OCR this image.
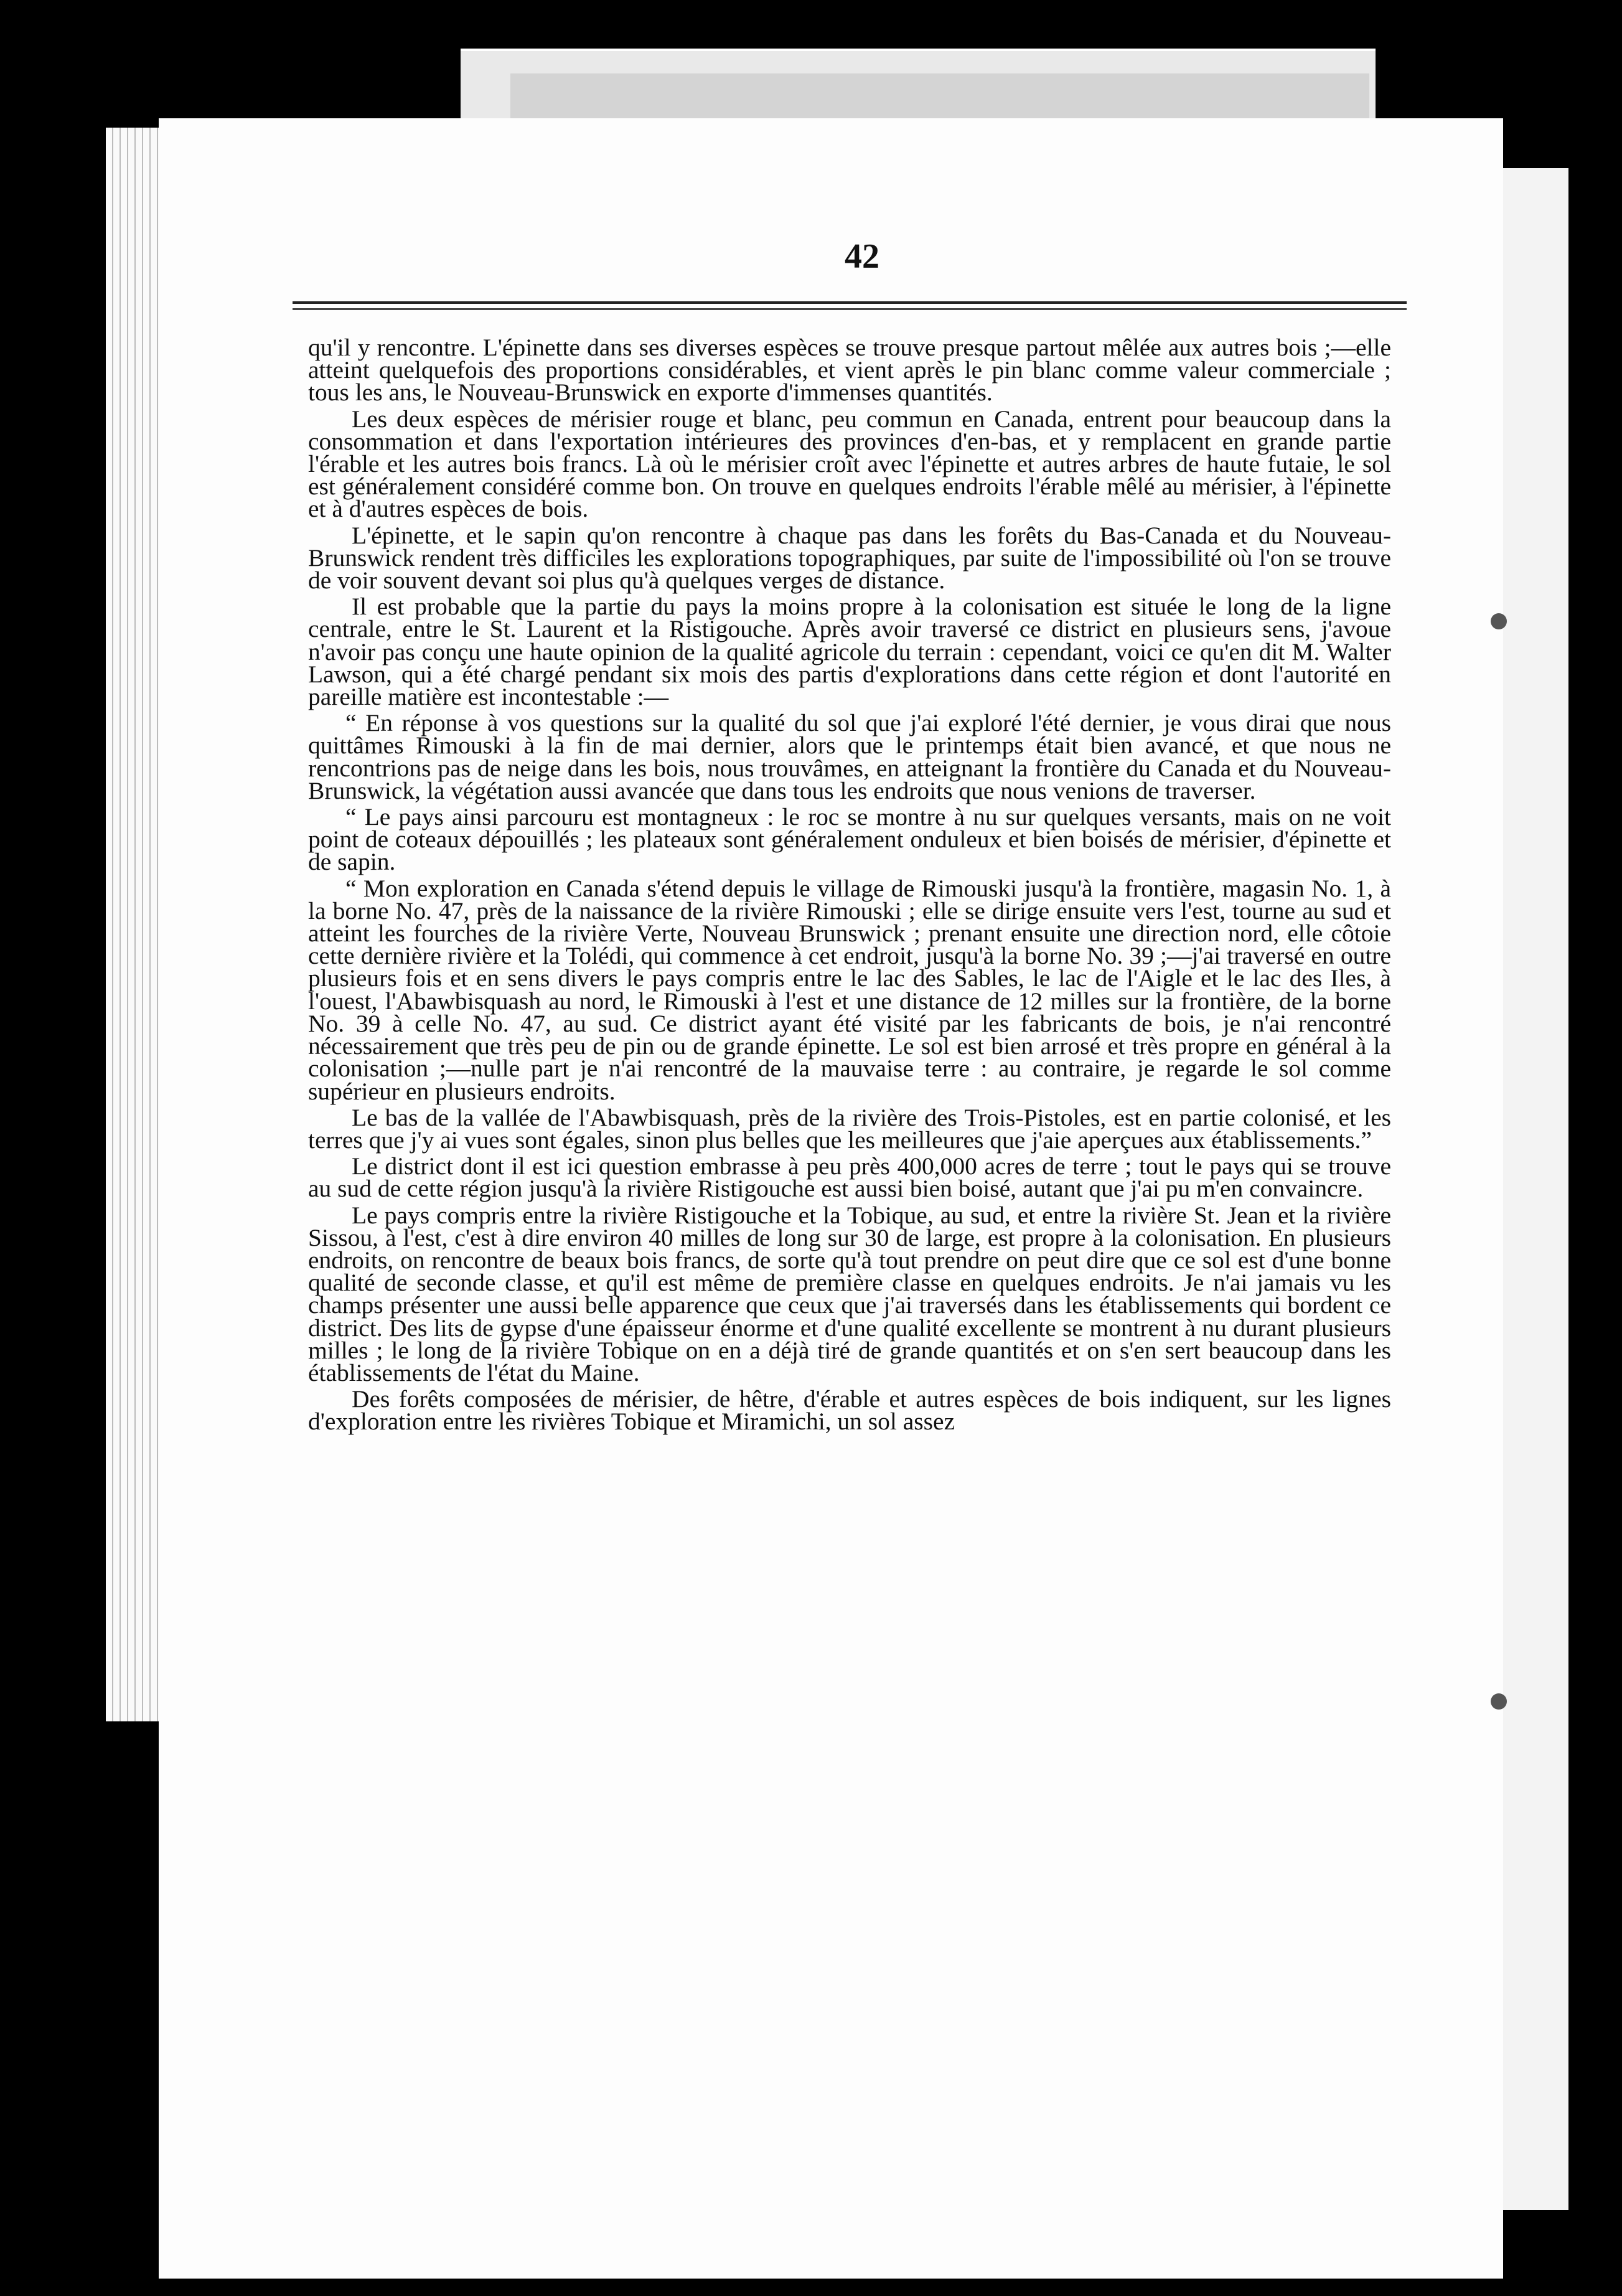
42

qu'il y rencontre. L'épinette dans ses diverses espèces se trouve presque partout mêlée aux autres bois ;—elle atteint quelquefois des proportions considérables, et vient après le pin blanc comme valeur commerciale ; tous les ans, le Nouveau-Brunswick en exporte d'immenses quantités.

Les deux espèces de mérisier rouge et blanc, peu commun en Canada, entrent pour beaucoup dans la consommation et dans l'exportation intérieures des provinces d'en-bas, et y remplacent en grande partie l'érable et les autres bois francs. Là où le mérisier croît avec l'épinette et autres arbres de haute futaie, le sol est généralement considéré comme bon. On trouve en quelques endroits l'érable mêlé au mérisier, à l'épinette et à d'autres espèces de bois.

L'épinette, et le sapin qu'on rencontre à chaque pas dans les forêts du Bas-Canada et du Nouveau-Brunswick rendent très difficiles les explorations topographiques, par suite de l'impossibilité où l'on se trouve de voir souvent devant soi plus qu'à quelques verges de distance.

Il est probable que la partie du pays la moins propre à la colonisation est située le long de la ligne centrale, entre le St. Laurent et la Ristigouche. Après avoir traversé ce district en plusieurs sens, j'avoue n'avoir pas conçu une haute opinion de la qualité agricole du terrain : cependant, voici ce qu'en dit M. Walter Lawson, qui a été chargé pendant six mois des partis d'explorations dans cette région et dont l'autorité en pareille matière est incontestable :—

“ En réponse à vos questions sur la qualité du sol que j'ai exploré l'été dernier, je vous dirai que nous quittâmes Rimouski à la fin de mai dernier, alors que le printemps était bien avancé, et que nous ne rencontrions pas de neige dans les bois, nous trouvâmes, en atteignant la frontière du Canada et du Nouveau-Brunswick, la végétation aussi avancée que dans tous les endroits que nous venions de traverser.

“ Le pays ainsi parcouru est montagneux : le roc se montre à nu sur quelques versants, mais on ne voit point de coteaux dépouillés ; les plateaux sont généralement onduleux et bien boisés de mérisier, d'épinette et de sapin.

“ Mon exploration en Canada s'étend depuis le village de Rimouski jusqu'à la frontière, magasin No. 1, à la borne No. 47, près de la naissance de la rivière Rimouski ; elle se dirige ensuite vers l'est, tourne au sud et atteint les fourches de la rivière Verte, Nouveau Brunswick ; prenant ensuite une direction nord, elle côtoie cette dernière rivière et la Tolédi, qui commence à cet endroit, jusqu'à la borne No. 39 ;—j'ai traversé en outre plusieurs fois et en sens divers le pays compris entre le lac des Sables, le lac de l'Aigle et le lac des Iles, à l'ouest, l'Abawbisquash au nord, le Rimouski à l'est et une distance de 12 milles sur la frontière, de la borne No. 39 à celle No. 47, au sud. Ce district ayant été visité par les fabricants de bois, je n'ai rencontré nécessairement que très peu de pin ou de grande épinette. Le sol est bien arrosé et très propre en général à la colonisation ;—nulle part je n'ai rencontré de la mauvaise terre : au contraire, je regarde le sol comme supérieur en plusieurs endroits.

Le bas de la vallée de l'Abawbisquash, près de la rivière des Trois-Pistoles, est en partie colonisé, et les terres que j'y ai vues sont égales, sinon plus belles que les meilleures que j'aie aperçues aux établissements.”

Le district dont il est ici question embrasse à peu près 400,000 acres de terre ; tout le pays qui se trouve au sud de cette région jusqu'à la rivière Ristigouche est aussi bien boisé, autant que j'ai pu m'en convaincre.

Le pays compris entre la rivière Ristigouche et la Tobique, au sud, et entre la rivière St. Jean et la rivière Sissou, à l'est, c'est à dire environ 40 milles de long sur 30 de large, est propre à la colonisation. En plusieurs endroits, on rencontre de beaux bois francs, de sorte qu'à tout prendre on peut dire que ce sol est d'une bonne qualité de seconde classe, et qu'il est même de première classe en quelques endroits. Je n'ai jamais vu les champs présenter une aussi belle apparence que ceux que j'ai traversés dans les établissements qui bordent ce district. Des lits de gypse d'une épaisseur énorme et d'une qualité excellente se montrent à nu durant plusieurs milles ; le long de la rivière Tobique on en a déjà tiré de grande quantités et on s'en sert beaucoup dans les établissements de l'état du Maine.

Des forêts composées de mérisier, de hêtre, d'érable et autres espèces de bois indiquent, sur les lignes d'exploration entre les rivières Tobique et Miramichi, un sol assez
